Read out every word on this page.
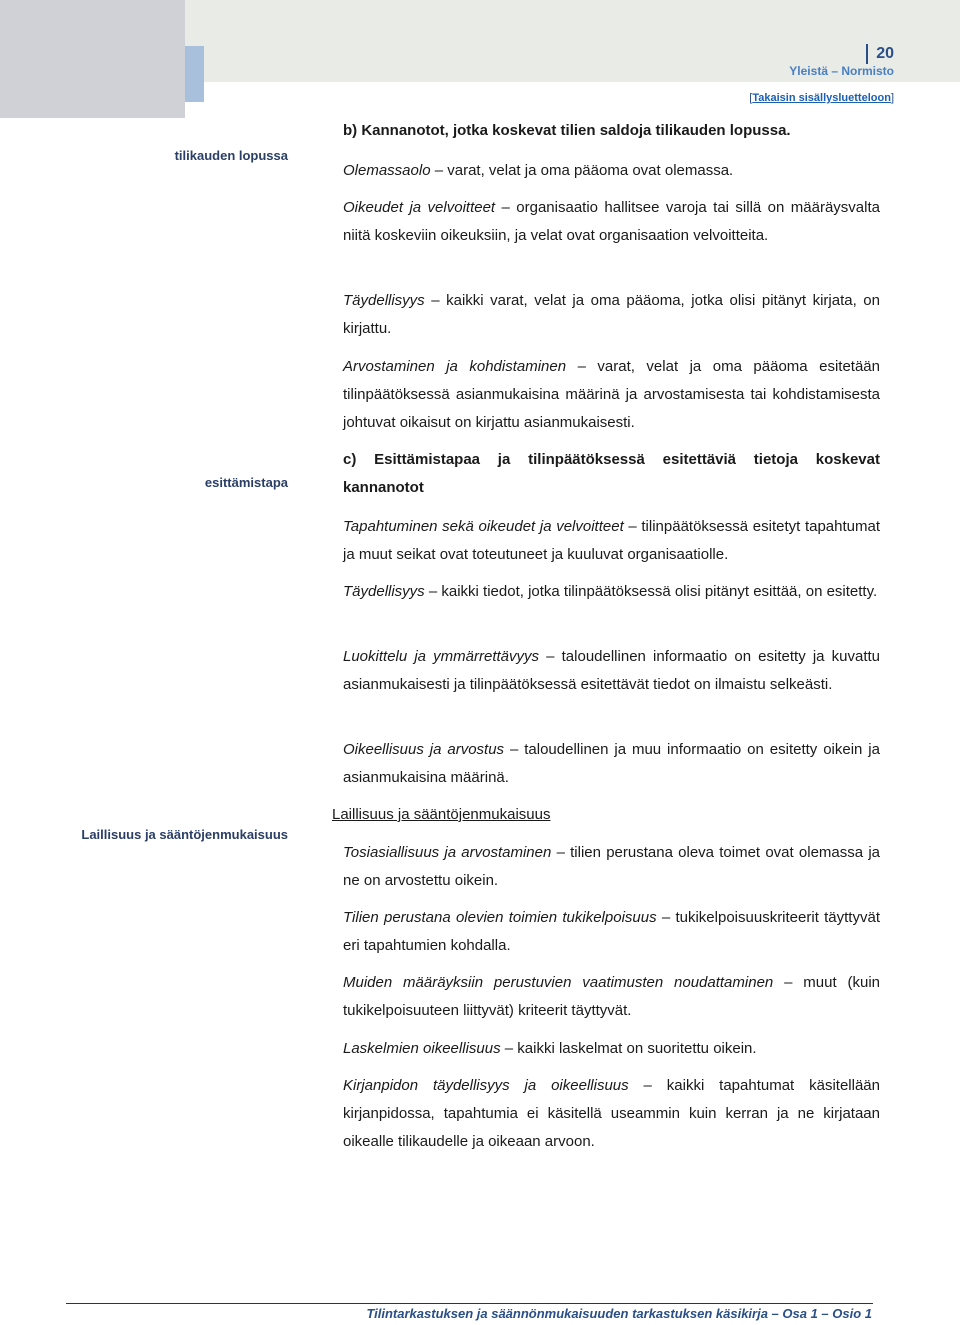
20
Yleistä – Normisto
[Takaisin sisällysluetteloon]
tilikauden lopussa
esittämistapa
Laillisuus ja sääntöjenmukaisuus

b) Kannanotot, jotka koskevat tilien saldoja tilikauden lopussa.

Olemassaolo – varat, velat ja oma pääoma ovat olemassa.

Oikeudet ja velvoitteet – organisaatio hallitsee varoja tai sillä on määräysvalta niitä koskeviin oikeuksiin, ja velat ovat organisaation velvoitteita.

Täydellisyys – kaikki varat, velat ja oma pääoma, jotka olisi pitänyt kirjata, on kirjattu.

Arvostaminen ja kohdistaminen – varat, velat ja oma pääoma esitetään tilinpäätöksessä asianmukaisina määrinä ja arvostamisesta tai kohdistamisesta johtuvat oikaisut on kirjattu asianmukaisesti.

c) Esittämistapaa ja tilinpäätöksessä esitettäviä tietoja koskevat kannanotot

Tapahtuminen sekä oikeudet ja velvoitteet – tilinpäätöksessä esitetyt tapahtumat ja muut seikat ovat toteutuneet ja kuuluvat organisaatiolle.

Täydellisyys – kaikki tiedot, jotka tilinpäätöksessä olisi pitänyt esittää, on esitetty.

Luokittelu ja ymmärrettävyys – taloudellinen informaatio on esitetty ja kuvattu asianmukaisesti ja tilinpäätöksessä esitettävät tiedot on ilmaistu selkeästi.

Oikeellisuus ja arvostus – taloudellinen ja muu informaatio on esitetty oikein ja asianmukaisina määrinä.

Laillisuus ja sääntöjenmukaisuus

Tosiasiallisuus ja arvostaminen – tilien perustana oleva toimet ovat olemassa ja ne on arvostettu oikein.

Tilien perustana olevien toimien tukikelpoisuus – tukikelpoisuuskriteerit täyttyvät eri tapahtumien kohdalla.

Muiden määräyksiin perustuvien vaatimusten noudattaminen – muut (kuin tukikelpoisuuteen liittyvät) kriteerit täyttyvät.

Laskelmien oikeellisuus – kaikki laskelmat on suoritettu oikein.

Kirjanpidon täydellisyys ja oikeellisuus – kaikki tapahtumat käsitellään kirjanpidossa, tapahtumia ei käsitellä useammin kuin kerran ja ne kirjataan oikealle tilikaudelle ja oikeaan arvoon.

Tilintarkastuksen ja säännönmukaisuuden tarkastuksen käsikirja – Osa 1 – Osio 1
